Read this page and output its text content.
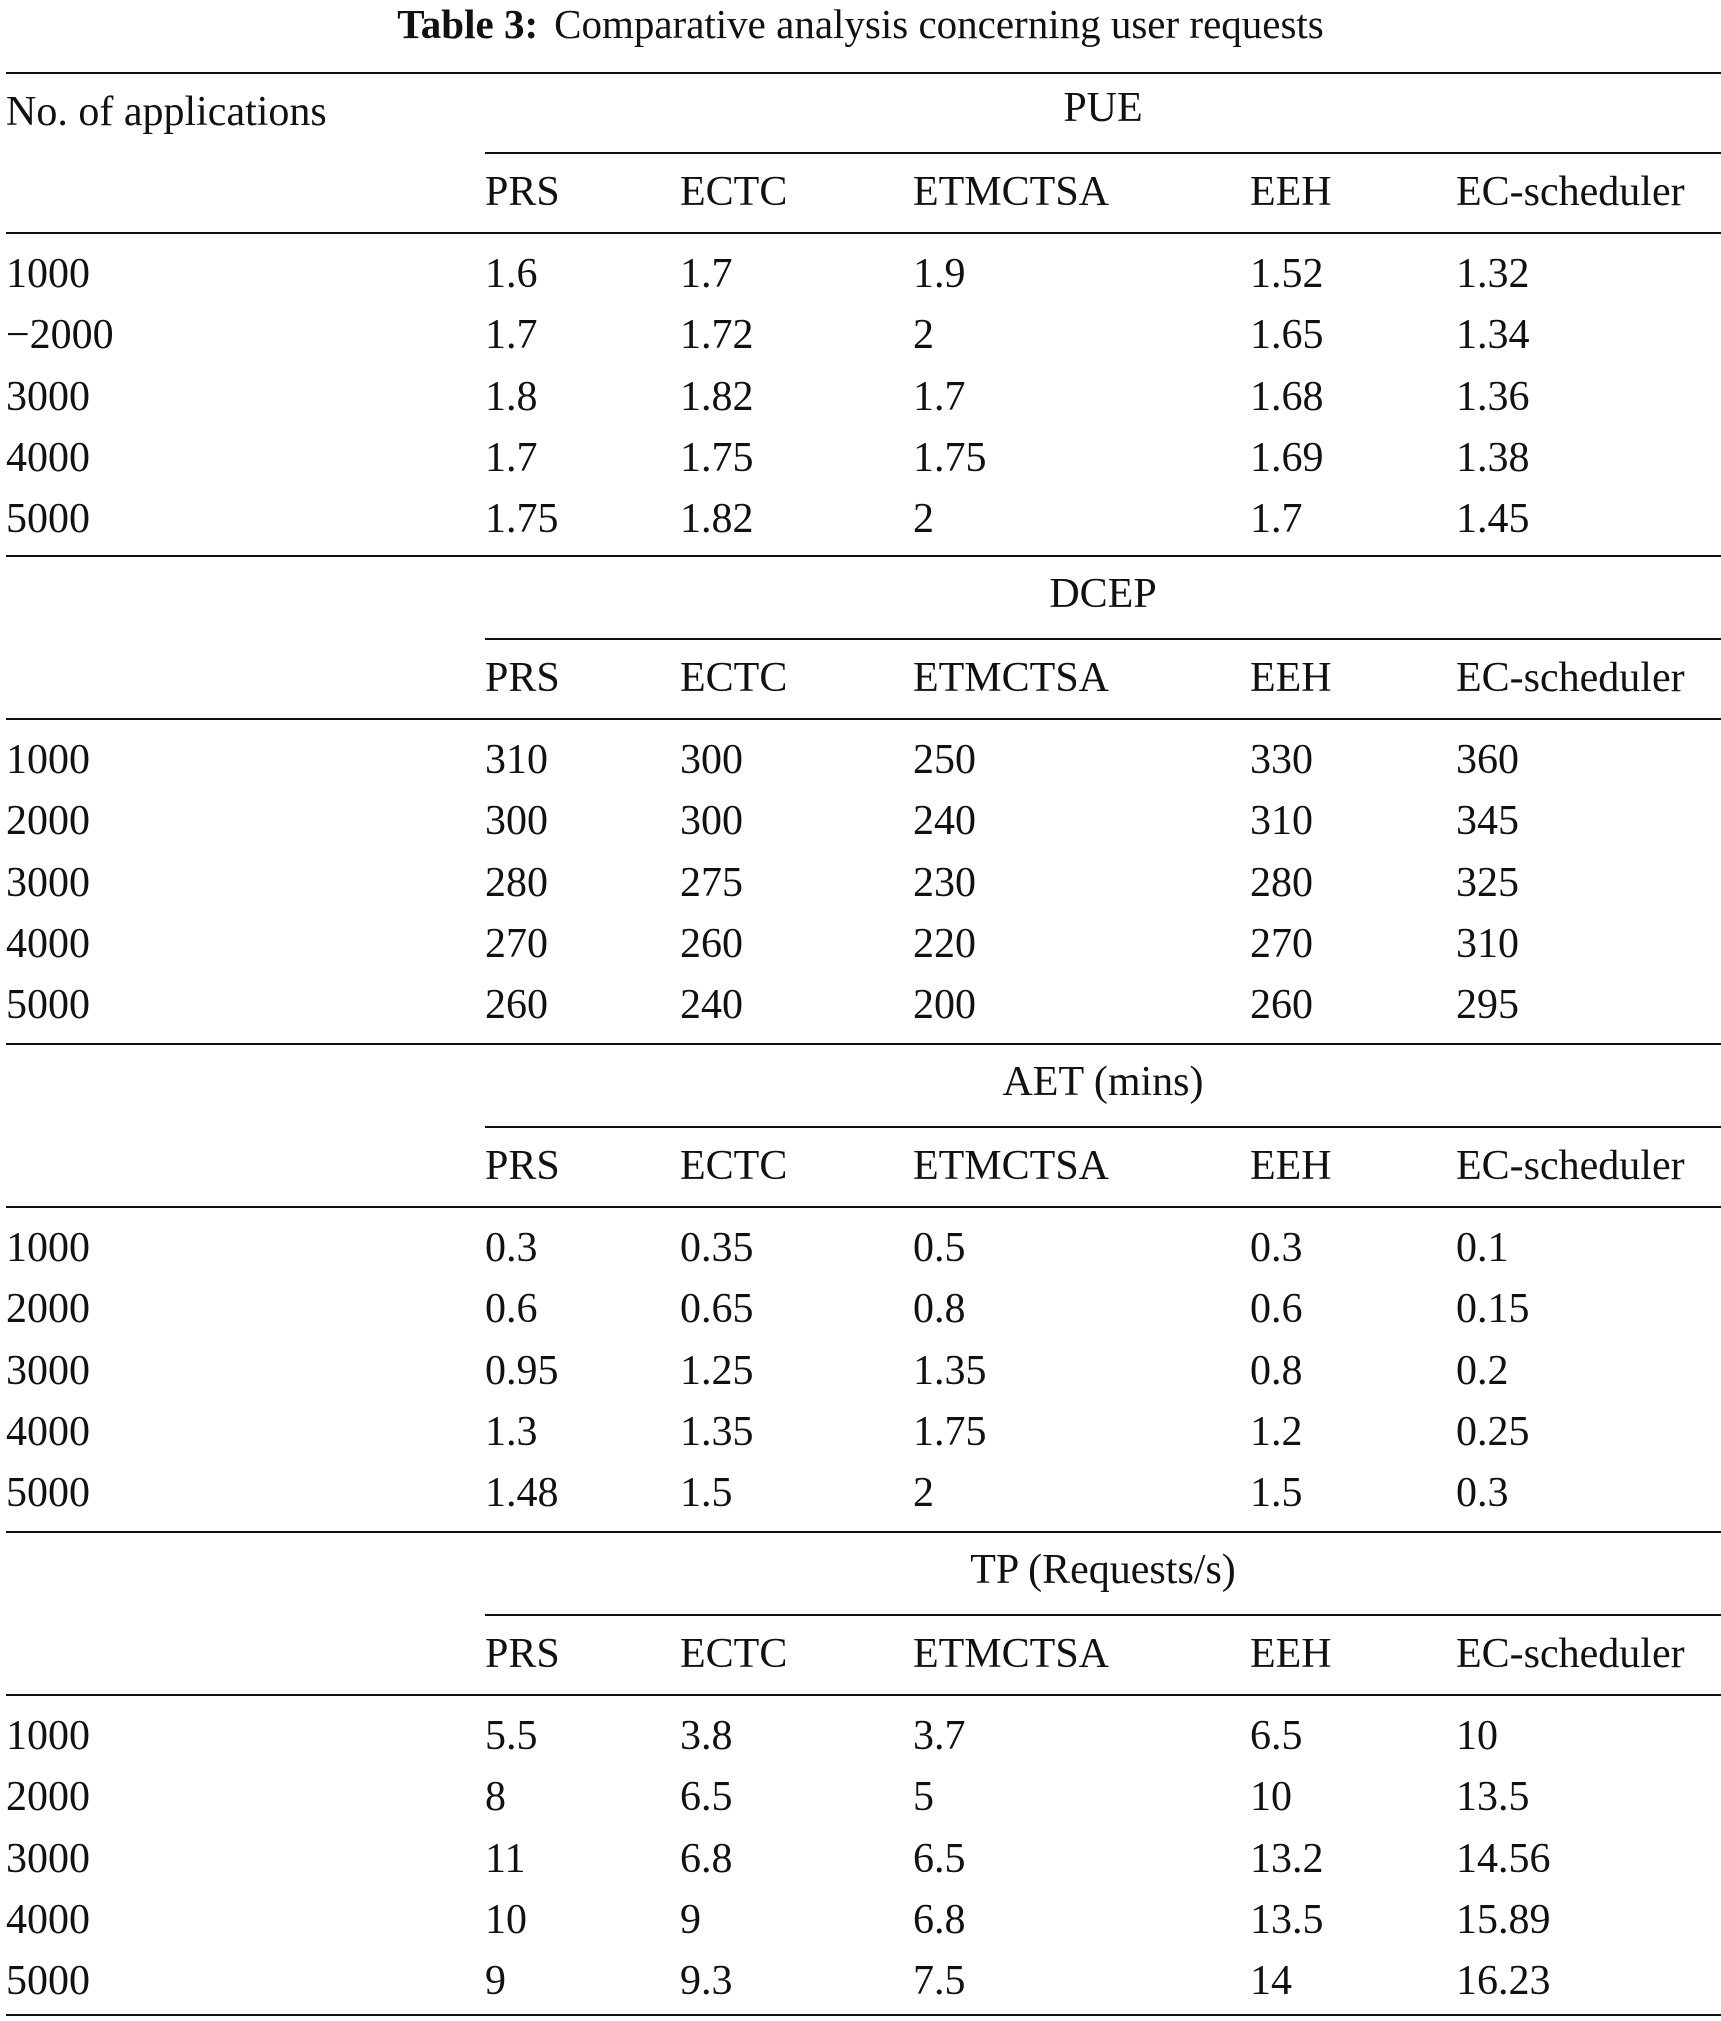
Table 3: Comparative analysis concerning user requests
No. of applications	PUE
PRS	ECTC	ETMCTSA	EEH	EC-scheduler
1000	1.6	1.7	1.9	1.52	1.32
−2000	1.7	1.72	2	1.65	1.34
3000	1.8	1.82	1.7	1.68	1.36
4000	1.7	1.75	1.75	1.69	1.38
5000	1.75	1.82	2	1.7	1.45
DCEP
PRS	ECTC	ETMCTSA	EEH	EC-scheduler
1000	310	300	250	330	360
2000	300	300	240	310	345
3000	280	275	230	280	325
4000	270	260	220	270	310
5000	260	240	200	260	295
AET (mins)
PRS	ECTC	ETMCTSA	EEH	EC-scheduler
1000	0.3	0.35	0.5	0.3	0.1
2000	0.6	0.65	0.8	0.6	0.15
3000	0.95	1.25	1.35	0.8	0.2
4000	1.3	1.35	1.75	1.2	0.25
5000	1.48	1.5	2	1.5	0.3
TP (Requests/s)
PRS	ECTC	ETMCTSA	EEH	EC-scheduler
1000	5.5	3.8	3.7	6.5	10
2000	8	6.5	5	10	13.5
3000	11	6.8	6.5	13.2	14.56
4000	10	9	6.8	13.5	15.89
5000	9	9.3	7.5	14	16.23
